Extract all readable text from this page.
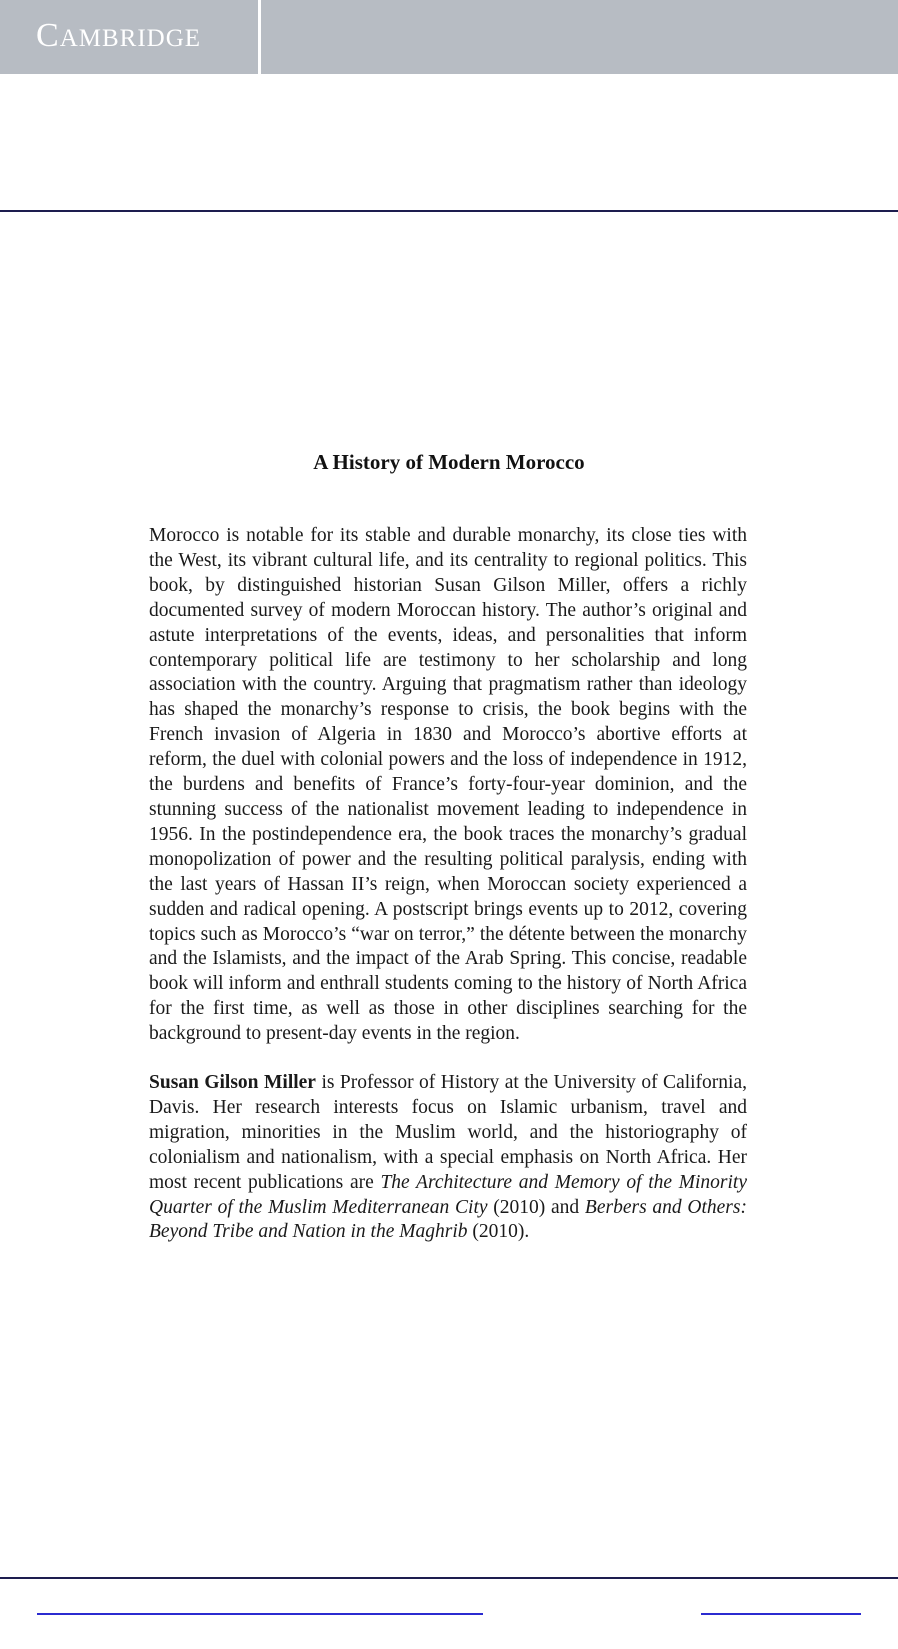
CAMBRIDGE
A History of Modern Morocco

Morocco is notable for its stable and durable monarchy, its close ties with the West, its vibrant cultural life, and its centrality to regional politics. This book, by distinguished historian Susan Gilson Miller, offers a richly documented survey of modern Moroccan history. The author’s original and astute interpretations of the events, ideas, and personalities that inform contemporary political life are testimony to her scholarship and long association with the country. Arguing that pragmatism rather than ideology has shaped the monarchy’s response to crisis, the book begins with the French invasion of Algeria in 1830 and Morocco’s abortive efforts at reform, the duel with colonial powers and the loss of independence in 1912, the burdens and benefits of France’s forty-four-year dominion, and the stunning success of the nationalist movement leading to independence in 1956. In the postindependence era, the book traces the monarchy’s gradual monopolization of power and the resulting political paralysis, ending with the last years of Hassan II’s reign, when Moroccan society experienced a sudden and radical opening. A postscript brings events up to 2012, covering topics such as Morocco’s “war on terror,” the détente between the monarchy and the Islamists, and the impact of the Arab Spring. This concise, readable book will inform and enthrall students coming to the history of North Africa for the first time, as well as those in other disciplines searching for the background to present-day events in the region.

Susan Gilson Miller is Professor of History at the University of California, Davis. Her research interests focus on Islamic urbanism, travel and migration, minorities in the Muslim world, and the historiography of colonialism and nationalism, with a special emphasis on North Africa. Her most recent publications are The Architecture and Memory of the Minority Quarter of the Muslim Mediterranean City (2010) and Berbers and Others: Beyond Tribe and Nation in the Maghrib (2010).
